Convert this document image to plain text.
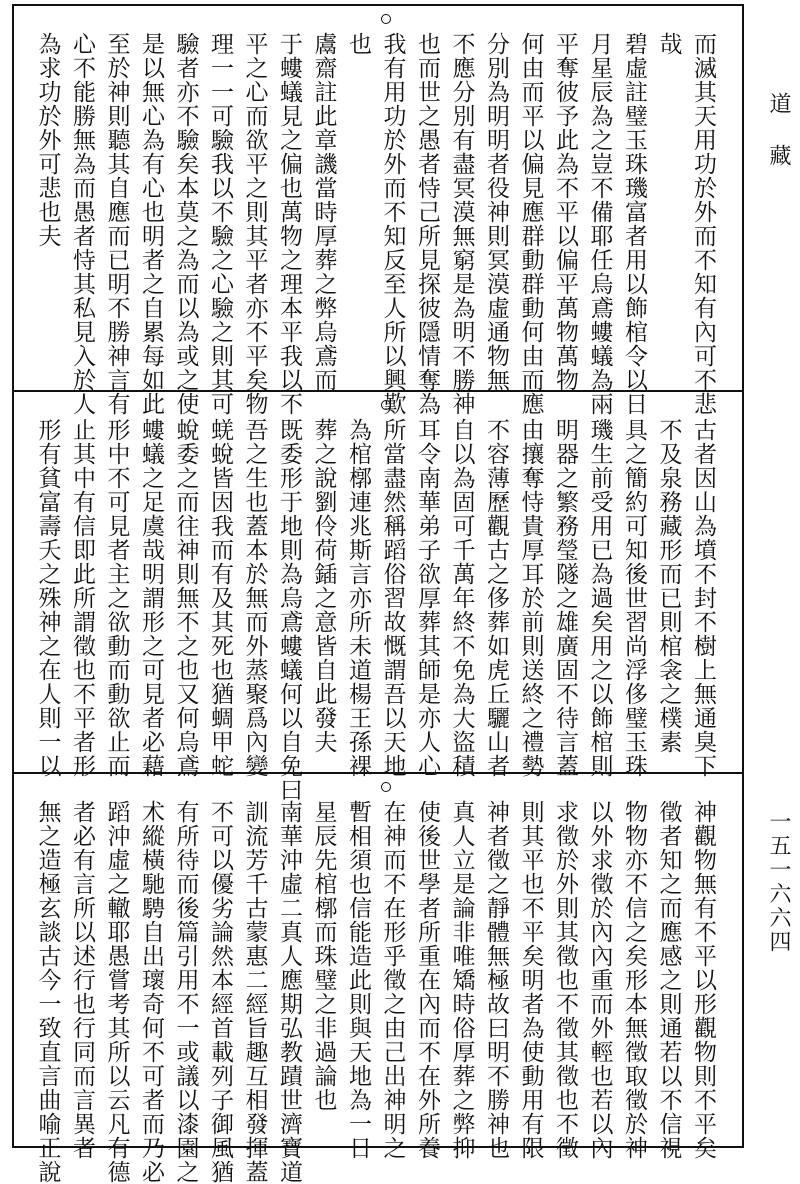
而滅其天用功於外而不知有內可不悲
哉
碧虛註璧玉珠璣富者用以飾棺令以日
月星辰為之豈不備耶任烏鳶螻蟻為兩
平奪彼予此為不平以偏平萬物萬物
何由而平以偏見應群動群動何由而應
分別為明明者役神則冥漠虛通物無
不應分別有盡冥漠無窮是為明不勝神
也而世之愚者恃己所見探彼隱情奪為
我有用功於外而不知反至人所以興歎
也
鬳齋註此章譏當時厚葬之弊烏鳶而
于螻蟻見之偏也萬物之理本平我以不
平之心而欲平之則其平者亦不平矣物
理一一可驗我以不驗之心驗之則其可
驗者亦不驗矣本莫之為而以為或之使
是以無心為有心也明者之自累每如此
至於神則聽其自應而已明不勝神言有
心不能勝無為而愚者恃其私見入於人
為求功於外可悲也夫
古者因山為墳不封不樹上無通臭下
不及泉務藏形而已則棺衾之樸素
具之簡約可知後世習尚浮侈璧玉珠
璣生前受用已為過矣用之以飾棺則
明器之繁務瑩隧之雄廣固不待言蓋
由攘奪恃貴厚耳於前則送終之禮勢
不容薄歷觀古之侈葬如虎丘驪山者
自以為固可千萬年終不免為大盜積
耳令南華弟子欲厚葬其師是亦人心
所當盡然稱蹈俗習故慨謂吾以天地
為棺槨連兆斯言亦所未道楊王孫裸
葬之說劉伶荷鍤之意皆自此發夫
既委形于地則為烏鳶螻蟻何以自免曰
吾之生也蓋本於無而外蒸聚爲內變
蜣蛻皆因我而有及其死也猶蜩甲蛇
蛻委之而往神則無不之也又何烏鳶
螻蟻之足虞哉明謂形之可見者必藉
形中不可見者主之欲動而動欲止而
止其中有信即此所謂徵也不平者形
形有貧富壽夭之殊神之在人則一以
神觀物無有不平以形觀物則不平矣
徵者知之而應感之則通若以不信視
物物亦不信之矣形本無徵取徵於神
以外求徵於內內重而外輕也若以內
求徵於外則其徵也不徵其徵也不徵
則其平也不平矣明者為使動用有限
神者徵之靜體無極故曰明不勝神也
真人立是論非唯矯時俗厚葬之弊抑
使後世學者所重在內而不在外所養
在神而不在形乎徵之由己出神明之
暫相須也信能造此則與天地為一日
星辰先棺槨而珠璧之非過論也
南華沖虛二真人應期弘教蹟世濟寶道
訓流芳千古蒙惠二經旨趣互相發揮蓋
不可以優劣論然本經首載列子御風猶
有所待而後篇引用不一或議以漆園之
术縱橫馳騁自出瓌奇何不可者而乃必
蹈沖虛之轍耶愚嘗考其所以云凡有德
者必有言所以述行也行同而言異者
無之造極玄談古今一致直言曲喻正說
道藏
一五一六六四
